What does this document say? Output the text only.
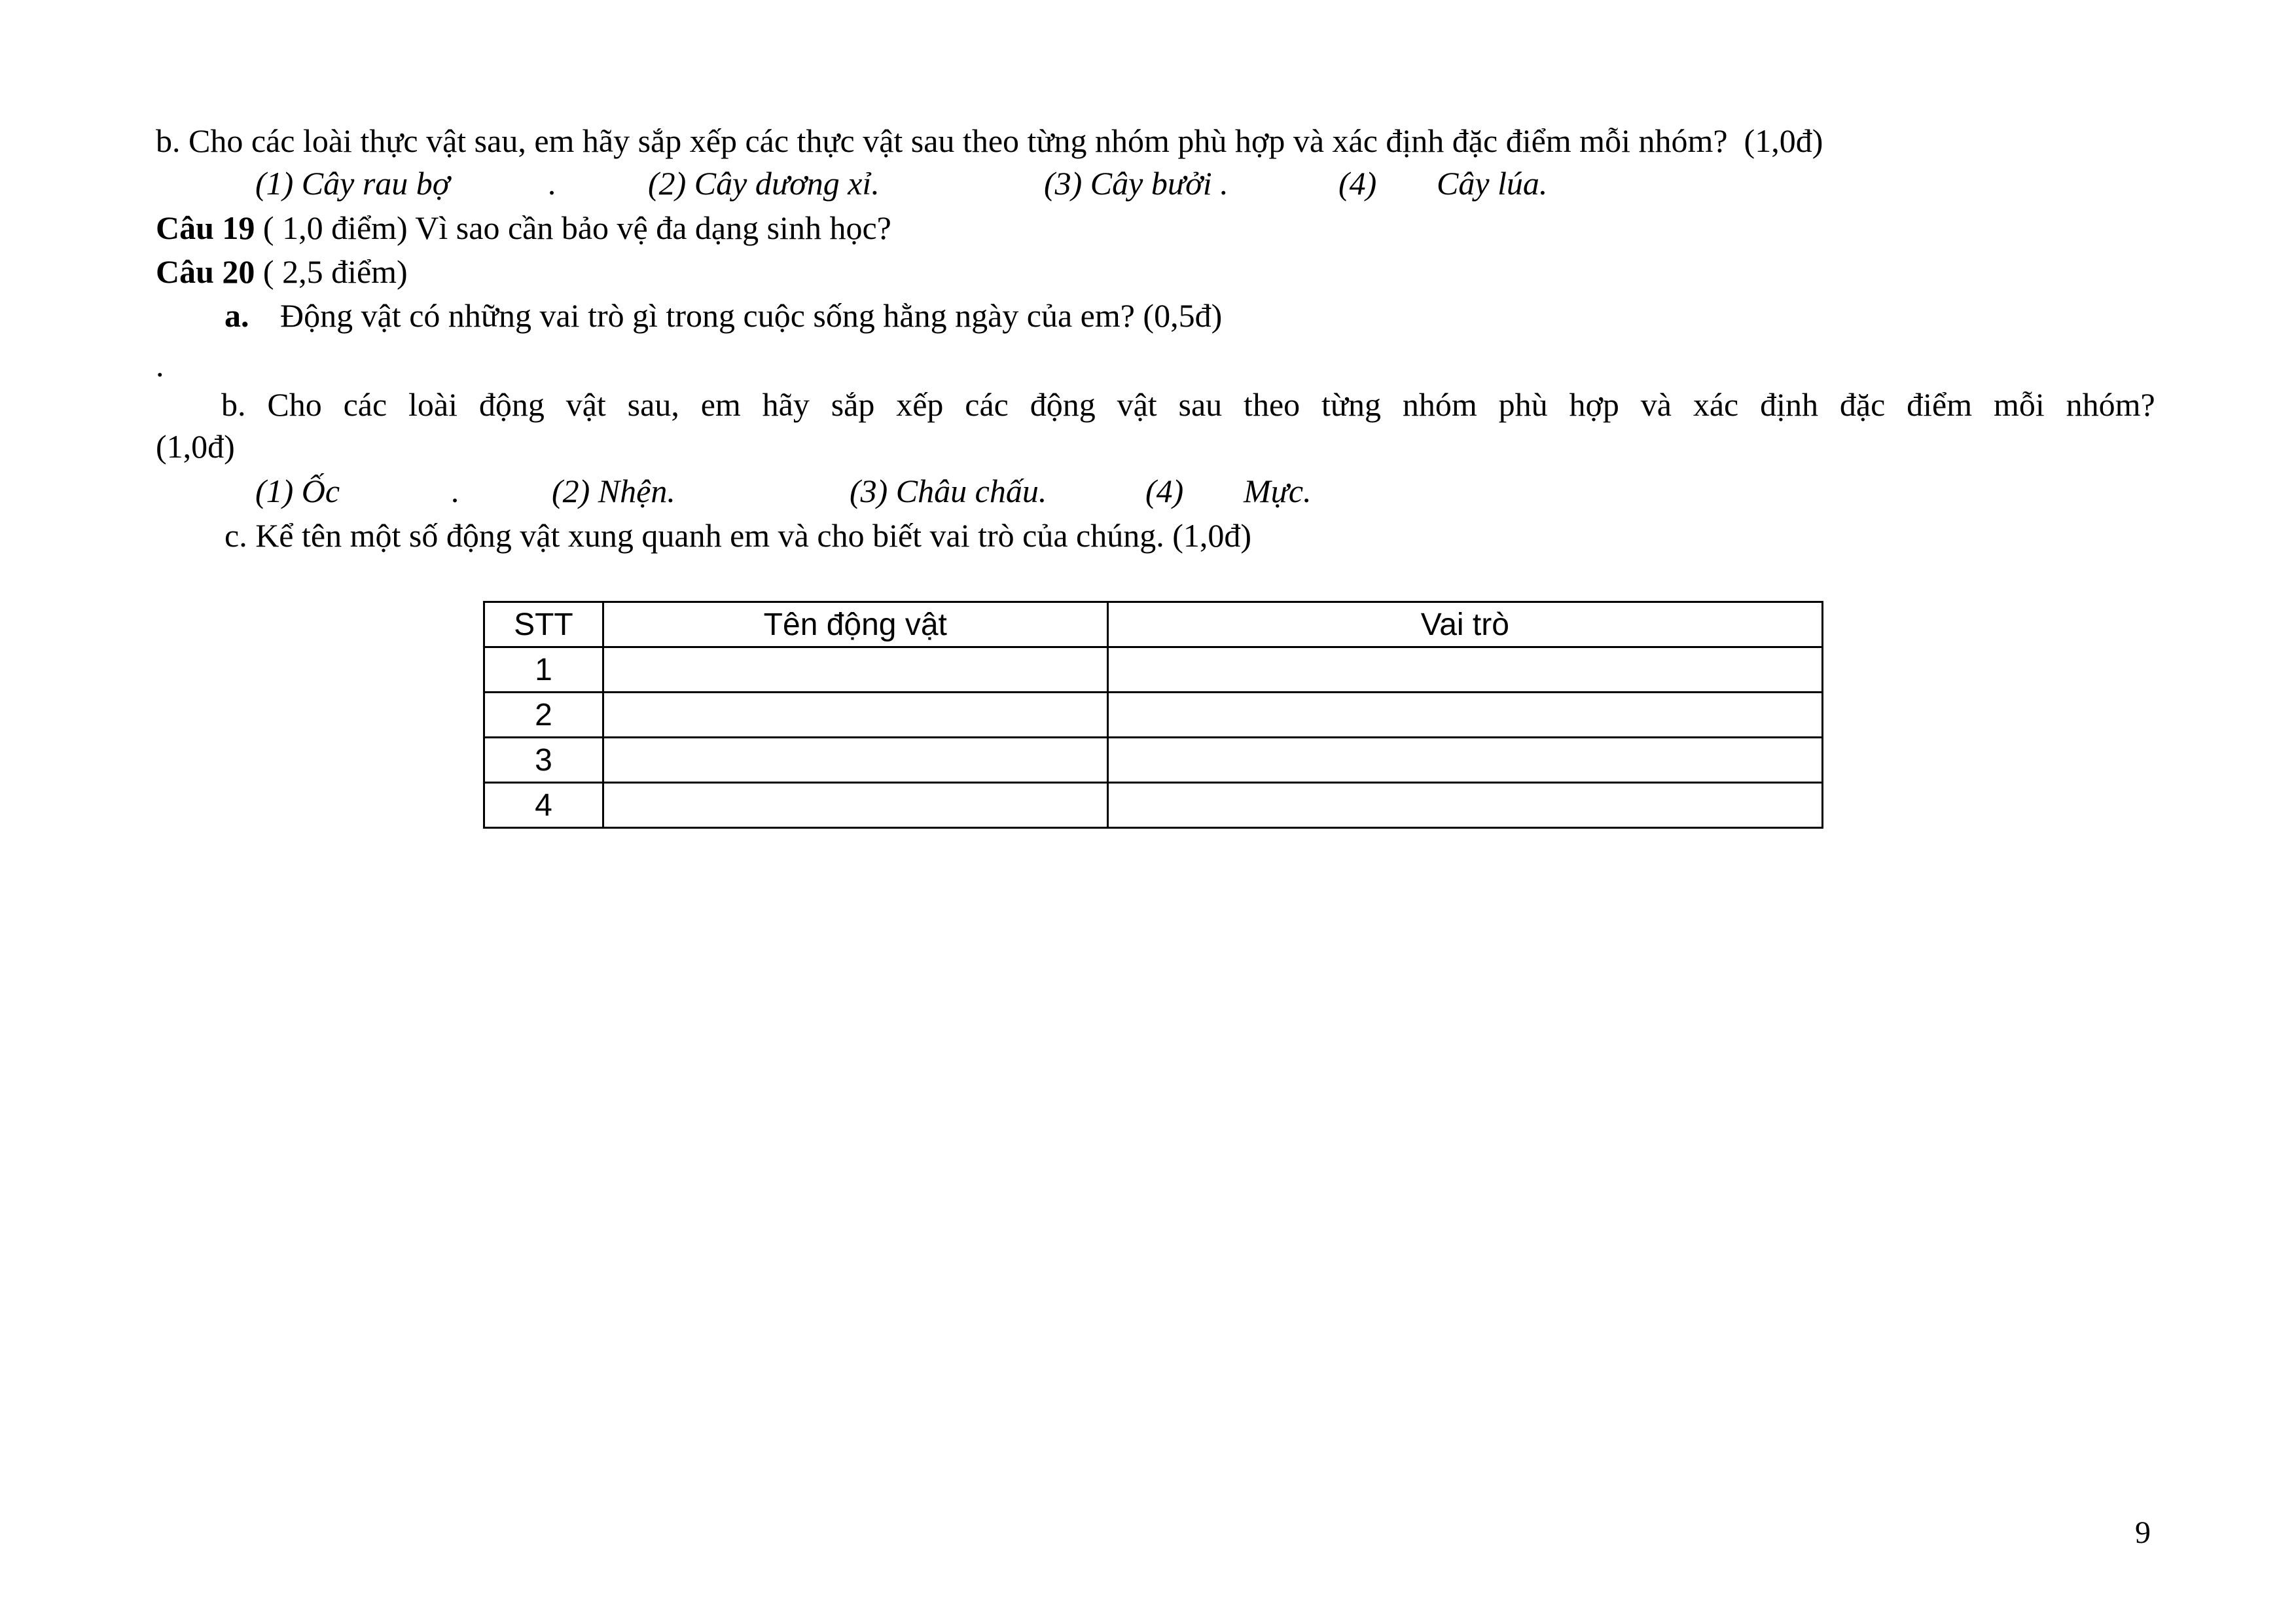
b. Cho các loài thực vật sau, em hãy sắp xếp các thực vật sau theo từng nhóm phù hợp và xác định đặc điểm mỗi nhóm?  (1,0đ)
(1) Cây rau bợ	.	(2) Cây dương xỉ.	(3) Cây bưởi .	(4) Cây lúa.
Câu 19 ( 1,0 điểm) Vì sao cần bảo vệ đa dạng sinh học?
Câu 20 ( 2,5 điểm)
a. Động vật có những vai trò gì trong cuộc sống hằng ngày của em? (0,5đ)
.
b. Cho các loài động vật sau, em hãy sắp xếp các động vật sau theo từng nhóm phù hợp và xác định đặc điểm mỗi nhóm?
(1,0đ)
(1) Ốc	.	(2) Nhện.	(3) Châu chấu.	(4) Mực.
c. Kể tên một số động vật xung quanh em và cho biết vai trò của chúng. (1,0đ)
STT	Tên động vật	Vai trò
1		
2		
3		
4		
9
